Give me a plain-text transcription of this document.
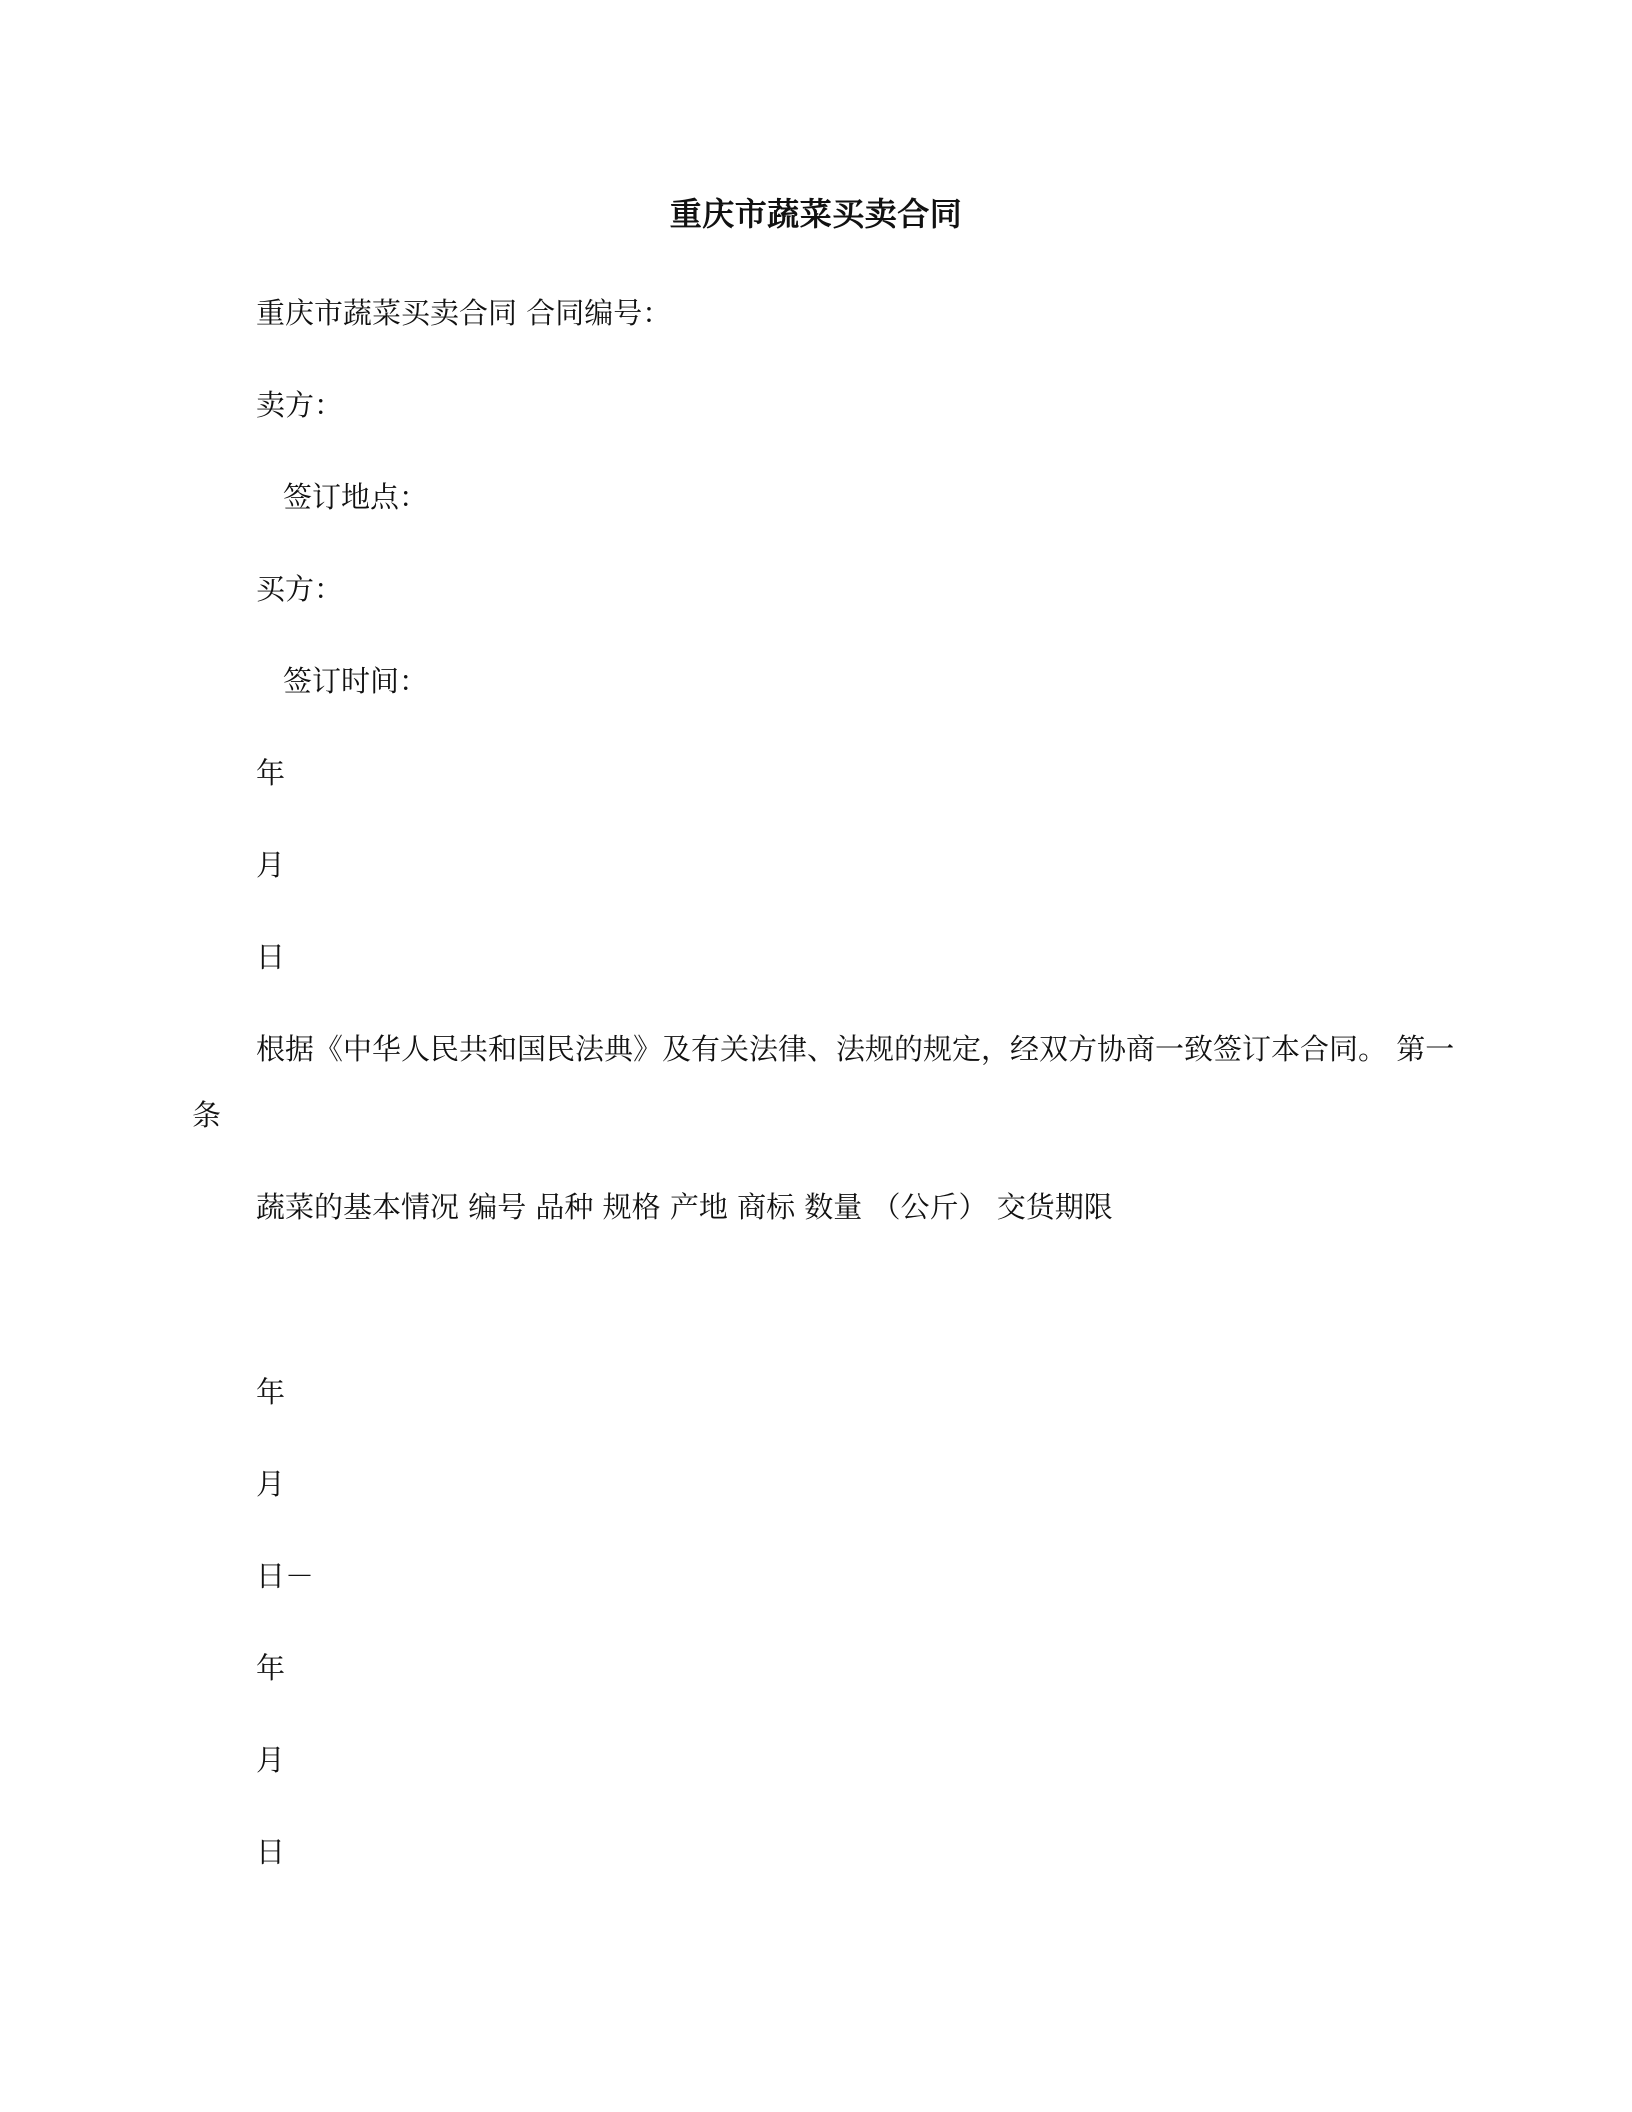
重庆市蔬菜买卖合同
重庆市蔬菜买卖合同 合同编号：
卖方：
签订地点：
买方：
签订时间：
年
月
日
根据《中华人民共和国民法典》及有关法律、法规的规定，经双方协商一致签订本合同。 第一条
蔬菜的基本情况 编号 品种 规格 产地 商标 数量 （公斤） 交货期限
年
月
日－
年
月
日
